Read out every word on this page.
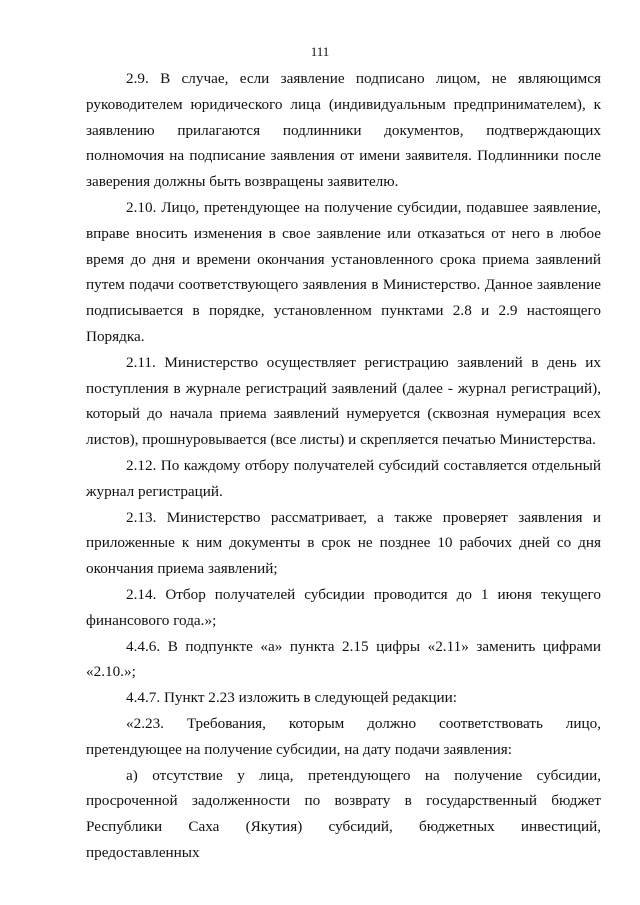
111

2.9. В случае, если заявление подписано лицом, не являющимся руководителем юридического лица (индивидуальным предпринимателем), к заявлению прилагаются подлинники документов, подтверждающих полномочия на подписание заявления от имени заявителя. Подлинники после заверения должны быть возвращены заявителю.

2.10. Лицо, претендующее на получение субсидии, подавшее заявление, вправе вносить изменения в свое заявление или отказаться от него в любое время до дня и времени окончания установленного срока приема заявлений путем подачи соответствующего заявления в Министерство. Данное заявление подписывается в порядке, установленном пунктами 2.8 и 2.9 настоящего Порядка.

2.11. Министерство осуществляет регистрацию заявлений в день их поступления в журнале регистраций заявлений (далее - журнал регистраций), который до начала приема заявлений нумеруется (сквозная нумерация всех листов), прошнуровывается (все листы) и скрепляется печатью Министерства.

2.12. По каждому отбору получателей субсидий составляется отдельный журнал регистраций.

2.13. Министерство рассматривает, а также проверяет заявления и приложенные к ним документы в срок не позднее 10 рабочих дней со дня окончания приема заявлений;

2.14. Отбор получателей субсидии проводится до 1 июня текущего финансового года.»;

4.4.6. В подпункте «а» пункта 2.15 цифры «2.11» заменить цифрами «2.10.»;

4.4.7. Пункт 2.23 изложить в следующей редакции:

«2.23. Требования, которым должно соответствовать лицо, претендующее на получение субсидии, на дату подачи заявления:

а) отсутствие у лица, претендующего на получение субсидии, просроченной задолженности по возврату в государственный бюджет Республики Саха (Якутия) субсидий, бюджетных инвестиций, предоставленных
